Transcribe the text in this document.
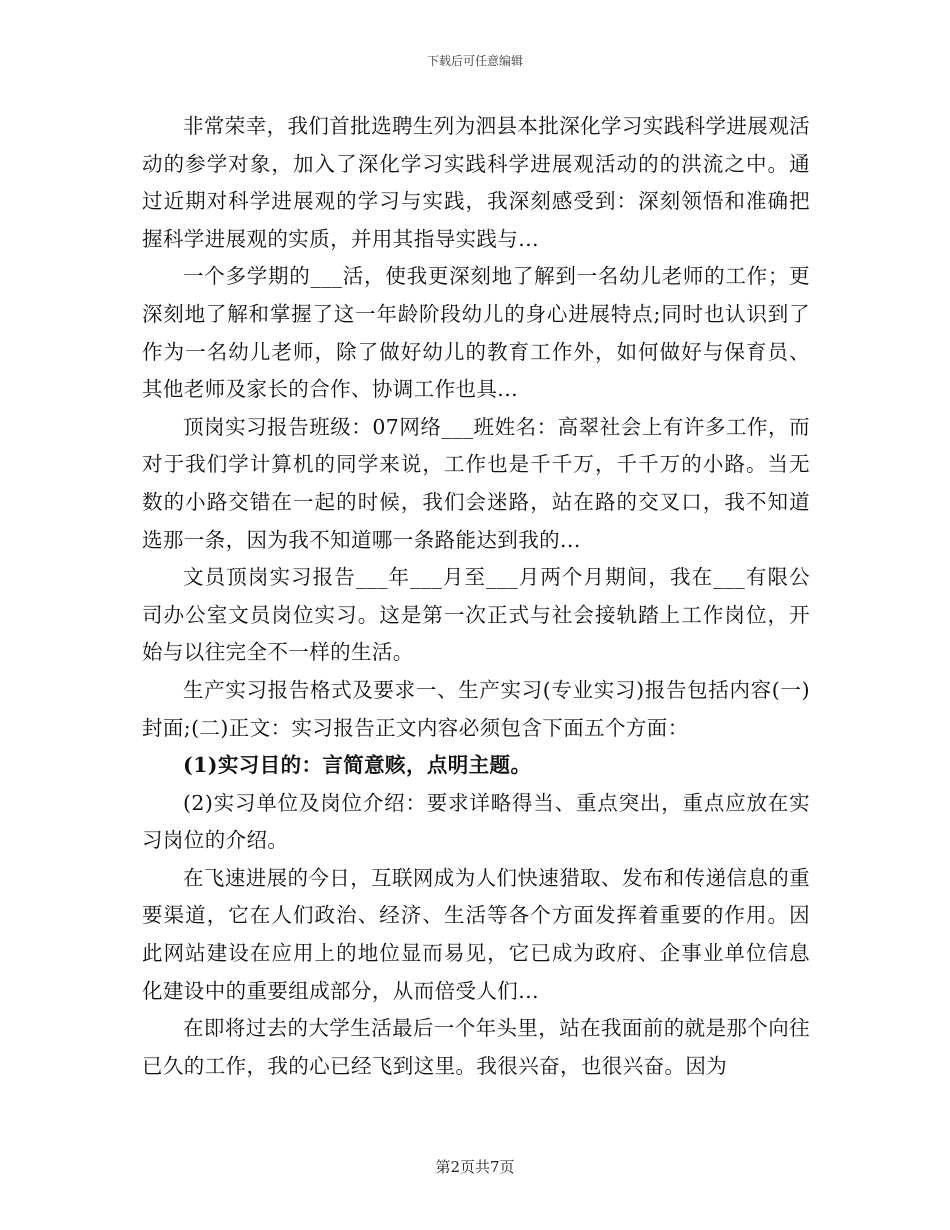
下载后可任意编辑

非常荣幸，我们首批选聘生列为泗县本批深化学习实践科学进展观活动的参学对象，加入了深化学习实践科学进展观活动的的洪流之中。通过近期对科学进展观的学习与实践，我深刻感受到：深刻领悟和准确把握科学进展观的实质，并用其指导实践与...

一个多学期的___活，使我更深刻地了解到一名幼儿老师的工作；更深刻地了解和掌握了这一年龄阶段幼儿的身心进展特点;同时也认识到了作为一名幼儿老师，除了做好幼儿的教育工作外，如何做好与保育员、其他老师及家长的合作、协调工作也具...

顶岗实习报告班级：07网络___班姓名：高翠社会上有许多工作，而对于我们学计算机的同学来说，工作也是千千万，千千万的小路。当无数的小路交错在一起的时候，我们会迷路，站在路的交叉口，我不知道选那一条，因为我不知道哪一条路能达到我的...

文员顶岗实习报告___年___月至___月两个月期间，我在___有限公司办公室文员岗位实习。这是第一次正式与社会接轨踏上工作岗位，开始与以往完全不一样的生活。

生产实习报告格式及要求一、生产实习(专业实习)报告包括内容(一)封面;(二)正文：实习报告正文内容必须包含下面五个方面：

(1)实习目的：言简意赅，点明主题。

(2)实习单位及岗位介绍：要求详略得当、重点突出，重点应放在实习岗位的介绍。

在飞速进展的今日，互联网成为人们快速猎取、发布和传递信息的重要渠道，它在人们政治、经济、生活等各个方面发挥着重要的作用。因此网站建设在应用上的地位显而易见，它已成为政府、企事业单位信息化建设中的重要组成部分，从而倍受人们...

在即将过去的大学生活最后一个年头里，站在我面前的就是那个向往已久的工作，我的心已经飞到这里。我很兴奋，也很兴奋。因为

第2页共7页
